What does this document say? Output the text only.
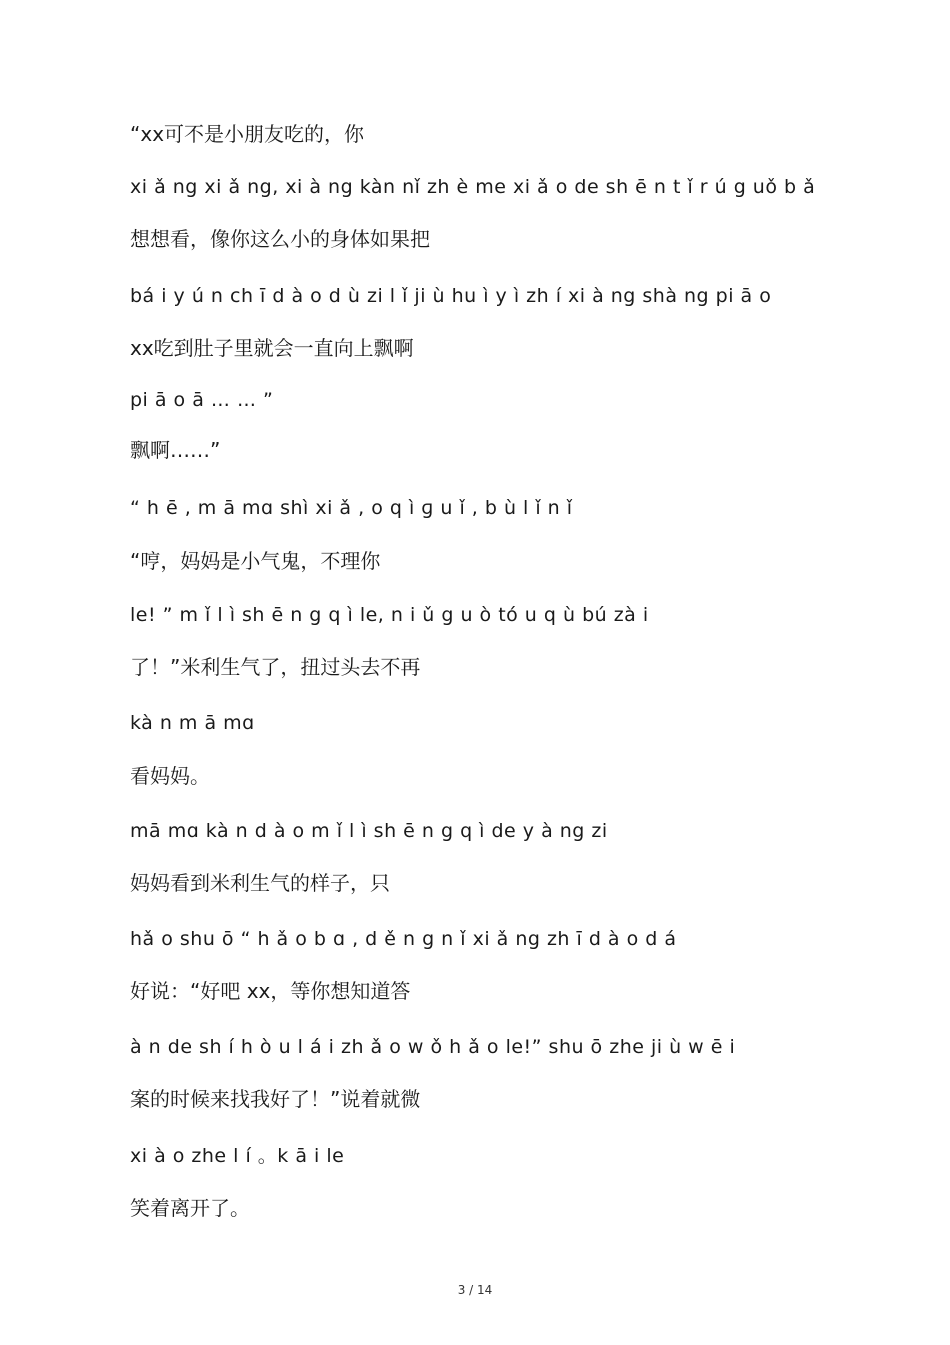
“xx可不是小朋友吃的，你
xi ǎ ng xi ǎ ng, xi à ng kàn nǐ zh è me xi ǎ o de sh ē n t ǐ r ú g uǒ b ǎ
想想看，像你这么小的身体如果把
bá i y ú n ch ī d à o d ù zi l ǐ ji ù hu ì y ì zh í xi à ng shà ng pi ā o
xx吃到肚子里就会一直向上飘啊
pi ā o ā … … ”
飘啊……”
“ h ē , m ā mɑ shì xi ǎ , o q ì ɡ u ǐ , b ù l ǐ n ǐ
“哼，妈妈是小气鬼，不理你
le! ” m ǐ l ì sh ē n g q ì le, n i ǔ g u ò tó u q ù bú zà i
了！”米利生气了，扭过头去不再
kà n m ā mɑ
看妈妈。
mā mɑ kà n d à o m ǐ l ì sh ē n g q ì de y à ng zi
妈妈看到米利生气的样子，只
hǎ o shu ō “ h ǎ o b ɑ , d ě n g n ǐ xi ǎ ng zh ī d à o d á
好说：“好吧 xx，等你想知道答
à n de sh í h ò u l á i zh ǎ o w ǒ h ǎ o le!” shu ō zhe ji ù w ē i
案的时候来找我好了！”说着就微
xi à o zhe l í 。k ā i le
笑着离开了。
3 / 14
